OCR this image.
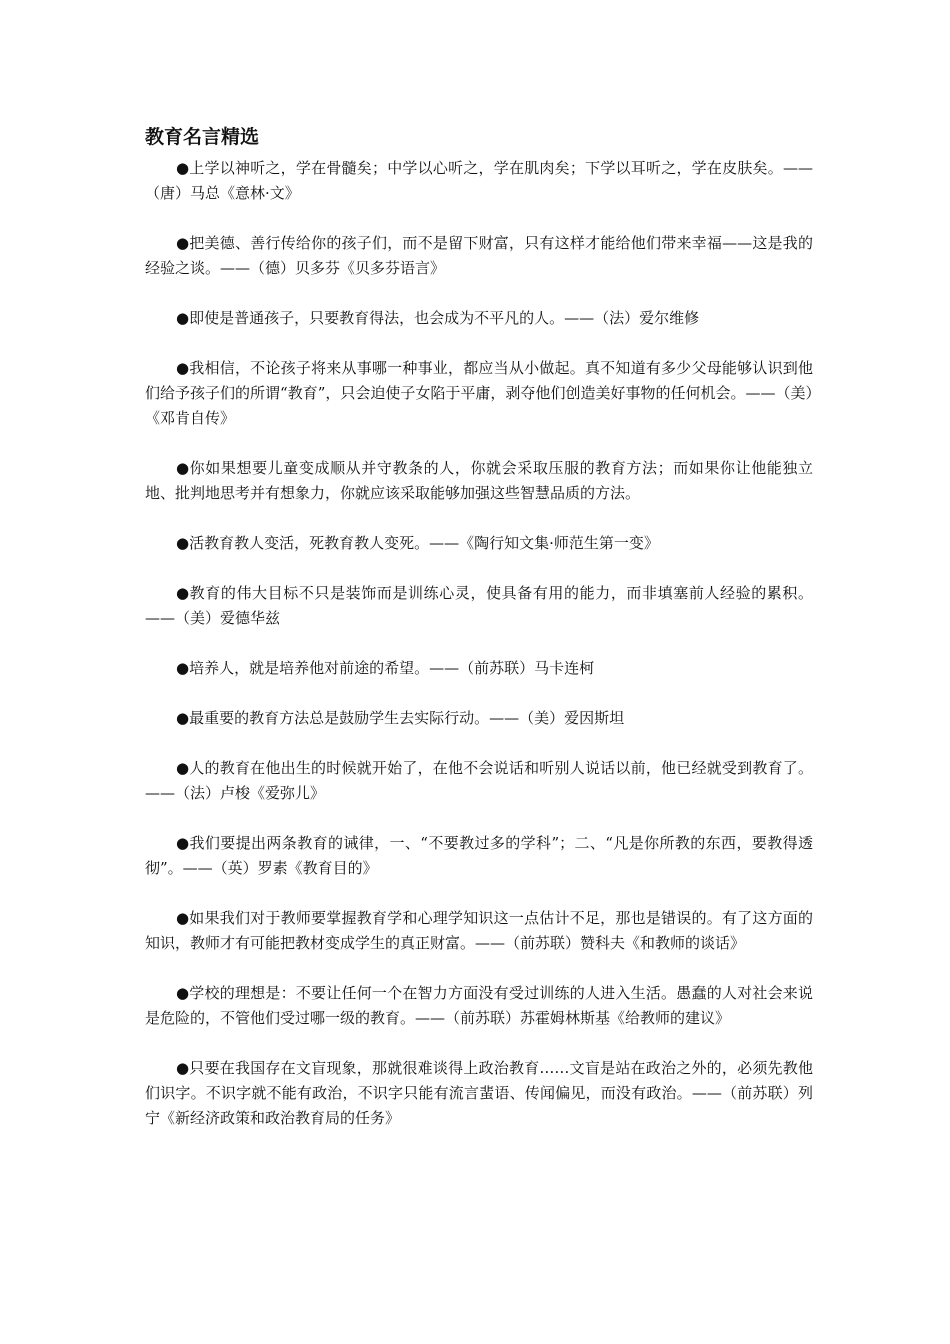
教育名言精选

●上学以神听之，学在骨髓矣；中学以心听之，学在肌肉矣；下学以耳听之，学在皮肤矣。——（唐）马总《意林·文》

●把美德、善行传给你的孩子们，而不是留下财富，只有这样才能给他们带来幸福——这是我的经验之谈。——（德）贝多芬《贝多芬语言》

●即使是普通孩子，只要教育得法，也会成为不平凡的人。——（法）爱尔维修

●我相信，不论孩子将来从事哪一种事业，都应当从小做起。真不知道有多少父母能够认识到他们给予孩子们的所谓“教育”，只会迫使子女陷于平庸，剥夺他们创造美好事物的任何机会。——（美）《邓肯自传》

●你如果想要儿童变成顺从并守教条的人，你就会采取压服的教育方法；而如果你让他能独立地、批判地思考并有想象力，你就应该采取能够加强这些智慧品质的方法。

●活教育教人变活，死教育教人变死。——《陶行知文集·师范生第一变》

●教育的伟大目标不只是装饰而是训练心灵，使具备有用的能力，而非填塞前人经验的累积。——（美）爱德华兹

●培养人，就是培养他对前途的希望。——（前苏联）马卡连柯

●最重要的教育方法总是鼓励学生去实际行动。——（美）爱因斯坦

●人的教育在他出生的时候就开始了，在他不会说话和听别人说话以前，他已经就受到教育了。——（法）卢梭《爱弥儿》

●我们要提出两条教育的诫律，一、“不要教过多的学科”；二、“凡是你所教的东西，要教得透彻”。——（英）罗素《教育目的》

●如果我们对于教师要掌握教育学和心理学知识这一点估计不足，那也是错误的。有了这方面的知识，教师才有可能把教材变成学生的真正财富。——（前苏联）赞科夫《和教师的谈话》

●学校的理想是：不要让任何一个在智力方面没有受过训练的人进入生活。愚蠢的人对社会来说是危险的，不管他们受过哪一级的教育。——（前苏联）苏霍姆林斯基《给教师的建议》

●只要在我国存在文盲现象，那就很难谈得上政治教育……文盲是站在政治之外的，必须先教他们识字。不识字就不能有政治，不识字只能有流言蜚语、传闻偏见，而没有政治。——（前苏联）列宁《新经济政策和政治教育局的任务》
